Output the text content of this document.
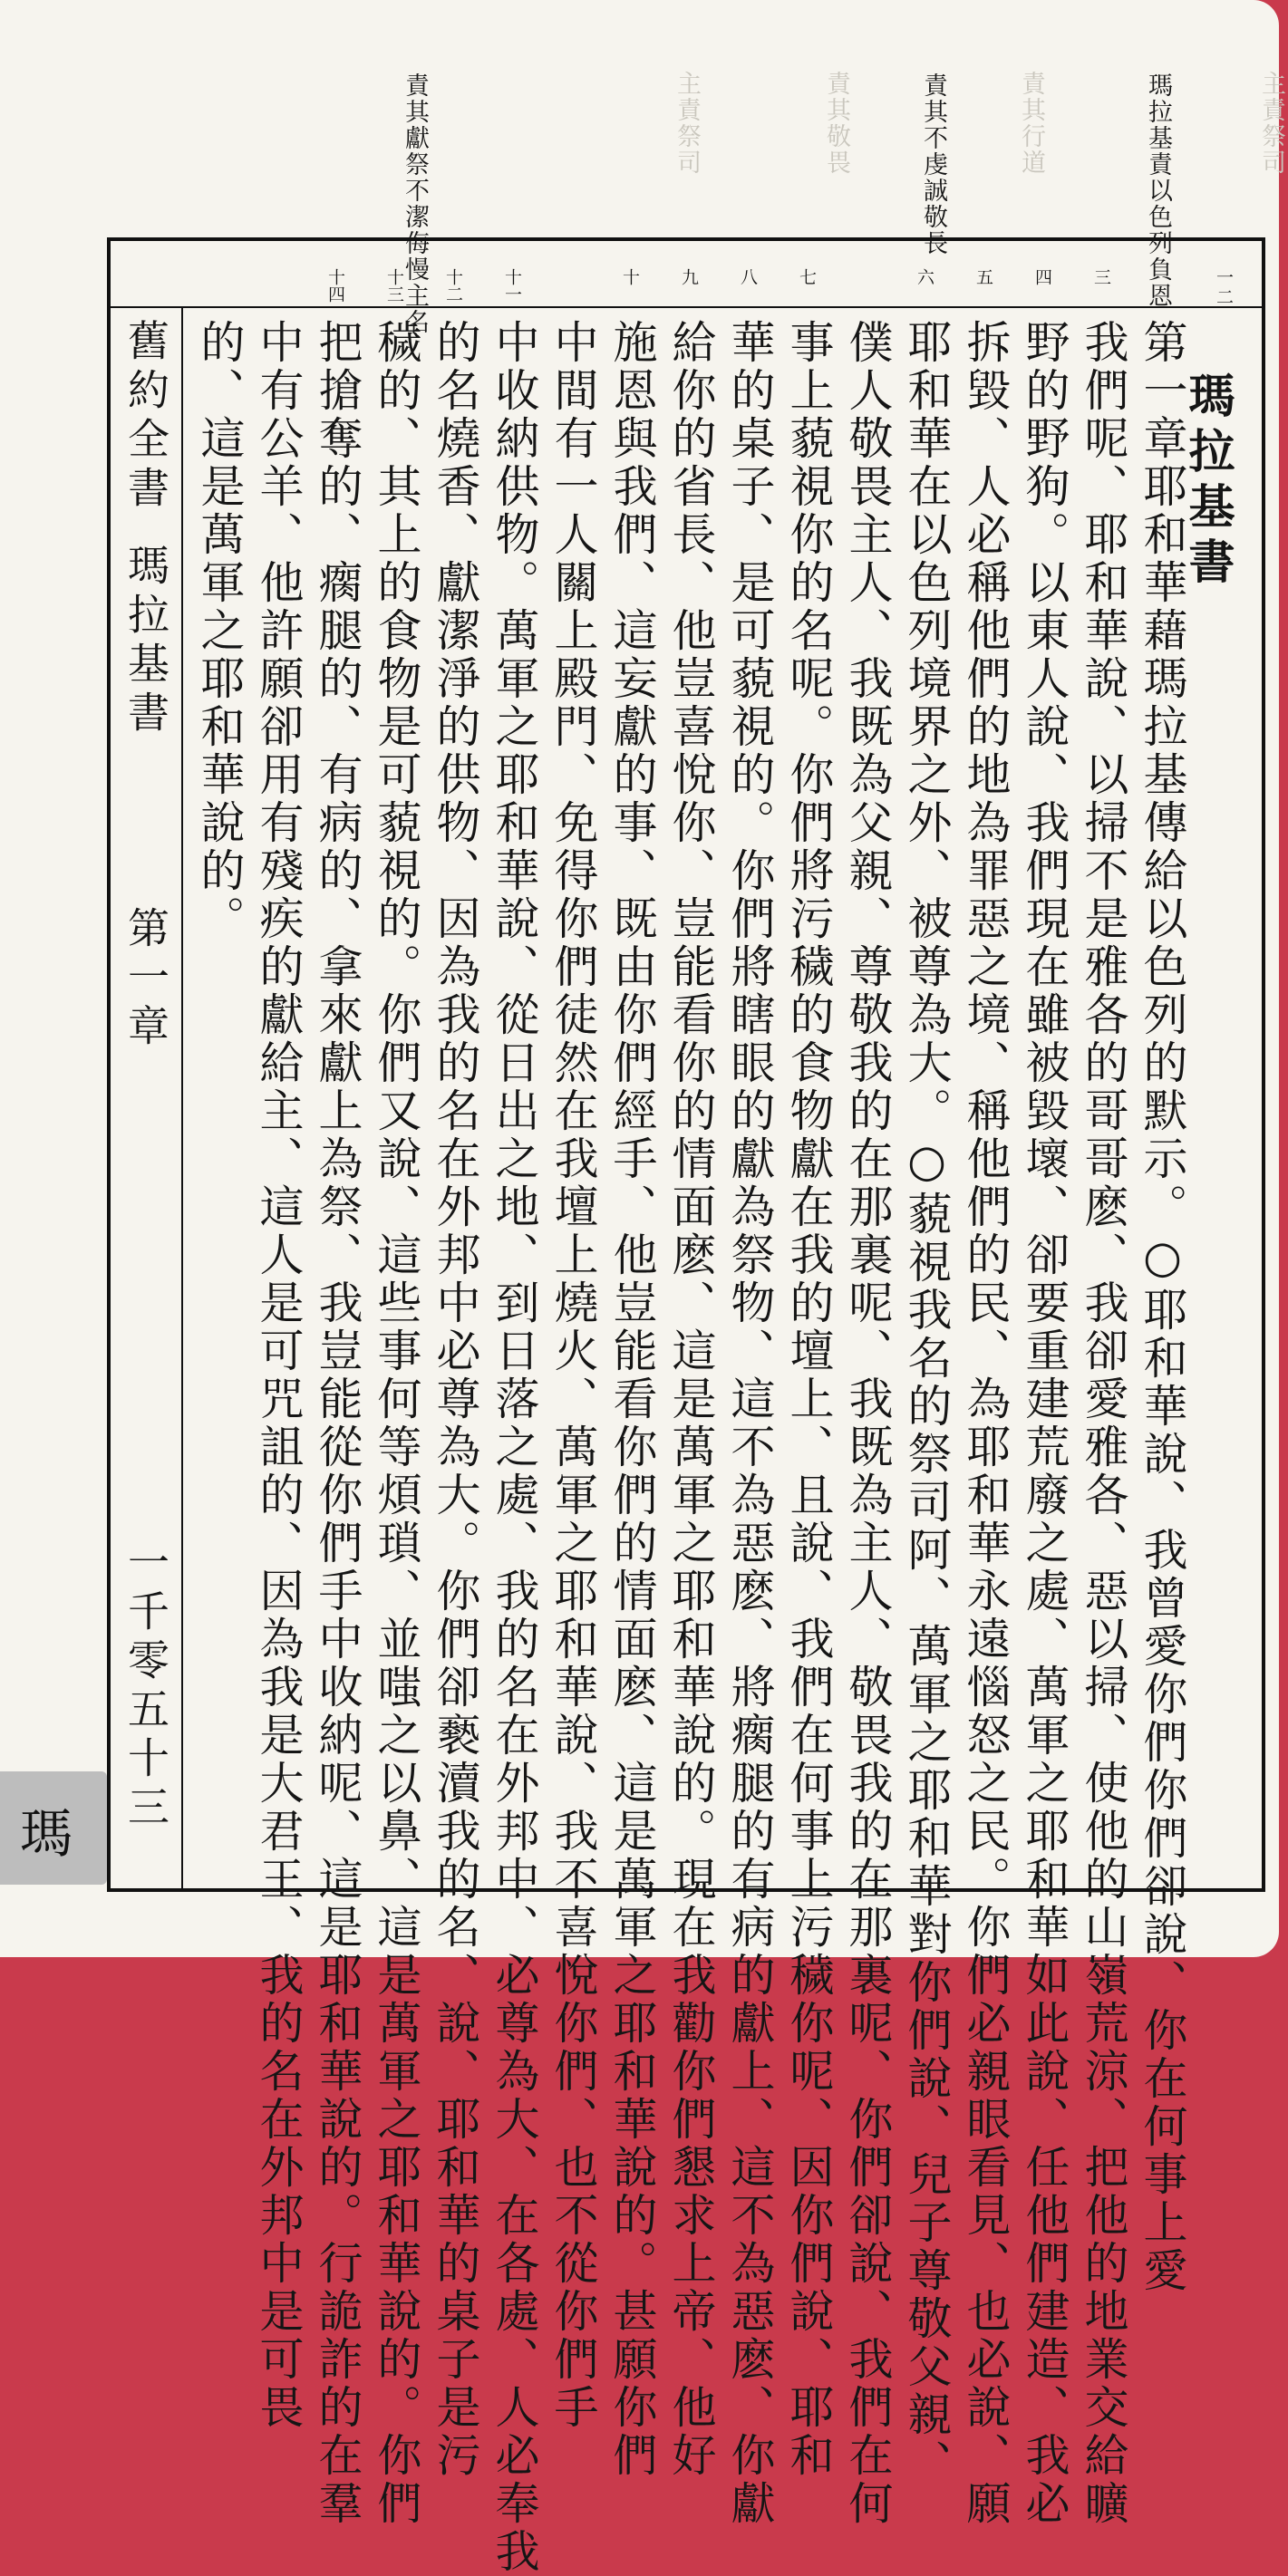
主責祭司
責其行道
責其敬畏
主責祭司	瑪拉基責以色列負恩
責其不虔誠敬長
責其獻祭不潔侮慢主名	一
二
三
四
五
六
七
八
九
十
十一
十二
十三
十四
瑪拉基書
第一章耶和華藉瑪拉基傳給以色列的默示。○耶和華說、我曾愛你們你們卻說、你在何事上愛
我們呢、耶和華說、以掃不是雅各的哥哥麽、我卻愛雅各、惡以掃、使他的山嶺荒涼、把他的地業交給曠
野的野狗。以東人說、我們現在雖被毀壞、卻要重建荒廢之處、萬軍之耶和華如此說、任他們建造、我必
拆毀、人必稱他們的地為罪惡之境、稱他們的民、為耶和華永遠惱怒之民。你們必親眼看見、也必說、願
耶和華在以色列境界之外、被尊為大。○藐視我名的祭司阿、萬軍之耶和華對你們說、兒子尊敬父親、
僕人敬畏主人、我既為父親、尊敬我的在那裏呢、我既為主人、敬畏我的在那裏呢、你們卻說、我們在何
事上藐視你的名呢。你們將污穢的食物獻在我的壇上、且說、我們在何事上污穢你呢、因你們說、耶和
華的桌子、是可藐視的。你們將瞎眼的獻為祭物、這不為惡麽、將瘸腿的有病的獻上、這不為惡麽、你獻
給你的省長、他豈喜悅你、豈能看你的情面麽、這是萬軍之耶和華說的。現在我勸你們懇求上帝、他好
施恩與我們、這妄獻的事、既由你們經手、他豈能看你們的情面麽、這是萬軍之耶和華說的。甚願你們
中間有一人關上殿門、免得你們徒然在我壇上燒火、萬軍之耶和華說、我不喜悅你們、也不從你們手
中收納供物。萬軍之耶和華說、從日出之地、到日落之處、我的名在外邦中、必尊為大、在各處、人必奉我
的名燒香、獻潔淨的供物、因為我的名在外邦中必尊為大。你們卻褻瀆我的名、說、耶和華的桌子是污
穢的、其上的食物是可藐視的。你們又說、這些事何等煩瑣、並嗤之以鼻、這是萬軍之耶和華說的。你們
把搶奪的、瘸腿的、有病的、拿來獻上為祭、我豈能從你們手中收納呢、這是耶和華說的。行詭詐的在羣
中有公羊、他許願卻用有殘疾的獻給主、這人是可咒詛的、因為我是大君王、我的名在外邦中是可畏
的、這是萬軍之耶和華說的。
舊約全書
瑪拉基書
第一章
一千零五十三
瑪
